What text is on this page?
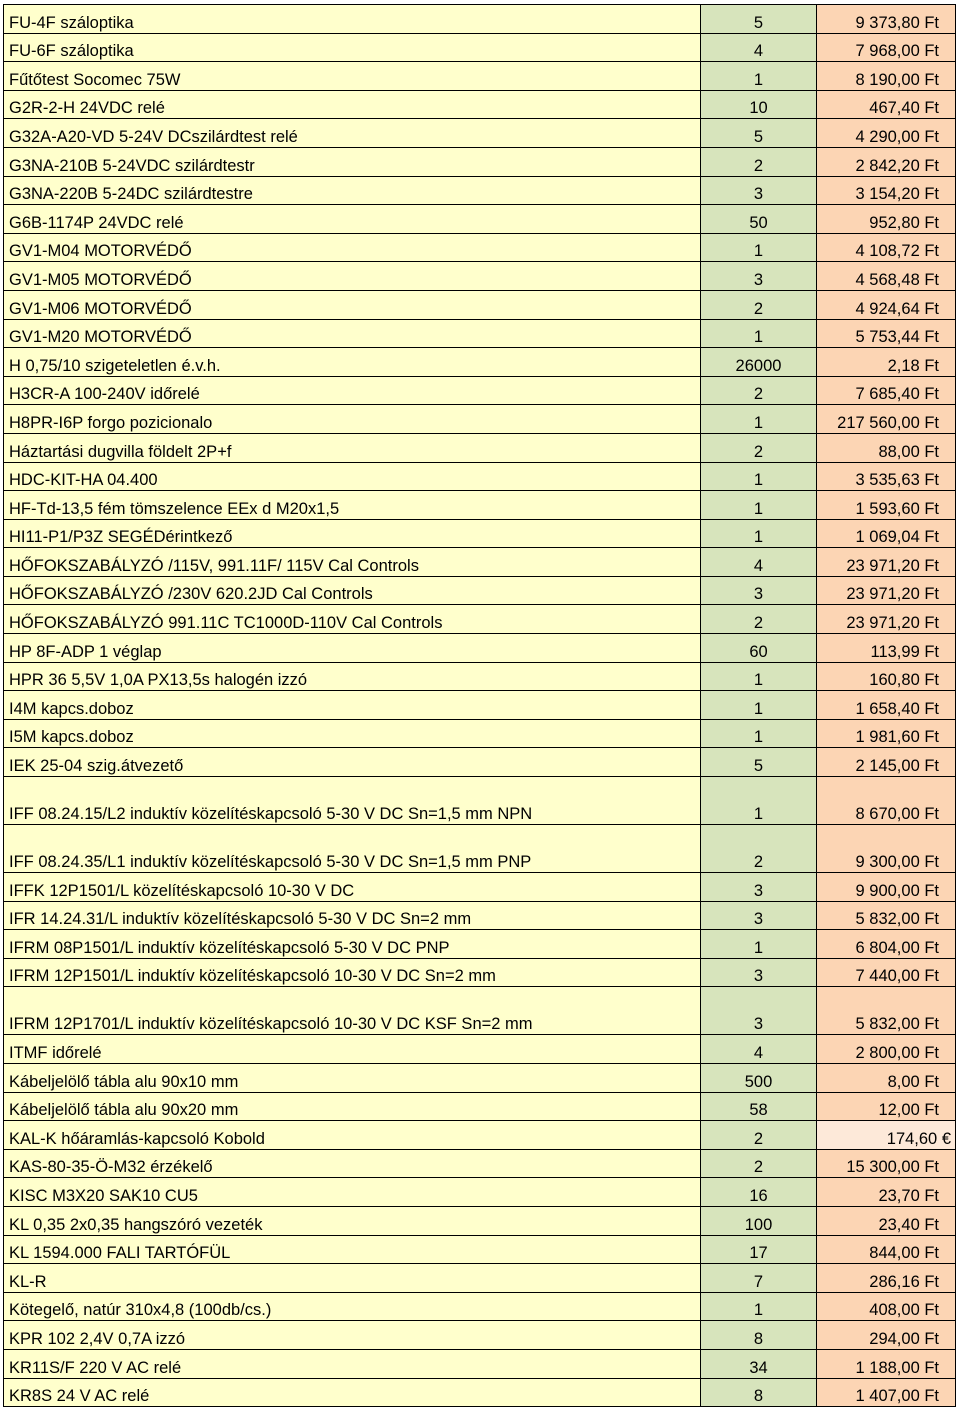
FU-4F száloptika	5	9 373,80 Ft
FU-6F száloptika	4	7 968,00 Ft
Fűtőtest Socomec 75W	1	8 190,00 Ft
G2R-2-H 24VDC relé	10	467,40 Ft
G32A-A20-VD 5-24V DCszilárdtest relé	5	4 290,00 Ft
G3NA-210B 5-24VDC szilárdtestr	2	2 842,20 Ft
G3NA-220B 5-24DC szilárdtestre	3	3 154,20 Ft
G6B-1174P 24VDC relé	50	952,80 Ft
GV1-M04 MOTORVÉDŐ	1	4 108,72 Ft
GV1-M05 MOTORVÉDŐ	3	4 568,48 Ft
GV1-M06 MOTORVÉDŐ	2	4 924,64 Ft
GV1-M20 MOTORVÉDŐ	1	5 753,44 Ft
H 0,75/10 szigeteletlen é.v.h.	26000	2,18 Ft
H3CR-A 100-240V időrelé	2	7 685,40 Ft
H8PR-I6P forgo pozicionalo	1	217 560,00 Ft
Háztartási dugvilla földelt 2P+f	2	88,00 Ft
HDC-KIT-HA 04.400	1	3 535,63 Ft
HF-Td-13,5 fém tömszelence EEx d M20x1,5	1	1 593,60 Ft
HI11-P1/P3Z SEGÉDérintkező	1	1 069,04 Ft
HŐFOKSZABÁLYZÓ /115V, 991.11F/ 115V Cal Controls	4	23 971,20 Ft
HŐFOKSZABÁLYZÓ /230V 620.2JD Cal Controls	3	23 971,20 Ft
HŐFOKSZABÁLYZÓ 991.11C TC1000D-110V Cal Controls	2	23 971,20 Ft
HP 8F-ADP 1 véglap	60	113,99 Ft
HPR 36 5,5V 1,0A PX13,5s halogén izzó	1	160,80 Ft
I4M kapcs.doboz	1	1 658,40 Ft
I5M kapcs.doboz	1	1 981,60 Ft
IEK 25-04 szig.átvezető	5	2 145,00 Ft
IFF 08.24.15/L2 induktív közelítéskapcsoló 5-30 V DC Sn=1,5 mm NPN	1	8 670,00 Ft
IFF 08.24.35/L1 induktív közelítéskapcsoló 5-30 V DC Sn=1,5 mm PNP	2	9 300,00 Ft
IFFK 12P1501/L közelítéskapcsoló 10-30 V DC	3	9 900,00 Ft
IFR 14.24.31/L induktív közelítéskapcsoló 5-30 V DC Sn=2 mm	3	5 832,00 Ft
IFRM 08P1501/L induktív közelítéskapcsoló 5-30 V DC PNP	1	6 804,00 Ft
IFRM 12P1501/L induktív közelítéskapcsoló 10-30 V DC Sn=2 mm	3	7 440,00 Ft
IFRM 12P1701/L induktív közelítéskapcsoló 10-30 V DC KSF Sn=2 mm	3	5 832,00 Ft
ITMF időrelé	4	2 800,00 Ft
Kábeljelölő tábla alu 90x10 mm	500	8,00 Ft
Kábeljelölő tábla alu 90x20 mm	58	12,00 Ft
KAL-K hőáramlás-kapcsoló Kobold	2	174,60 €
KAS-80-35-Ö-M32 érzékelő	2	15 300,00 Ft
KISC M3X20 SAK10 CU5	16	23,70 Ft
KL 0,35 2x0,35 hangszóró vezeték	100	23,40 Ft
KL 1594.000 FALI TARTÓFÜL	17	844,00 Ft
KL-R	7	286,16 Ft
Kötegelő, natúr 310x4,8 (100db/cs.)	1	408,00 Ft
KPR 102 2,4V 0,7A izzó	8	294,00 Ft
KR11S/F 220 V AC relé	34	1 188,00 Ft
KR8S 24 V AC relé	8	1 407,00 Ft
